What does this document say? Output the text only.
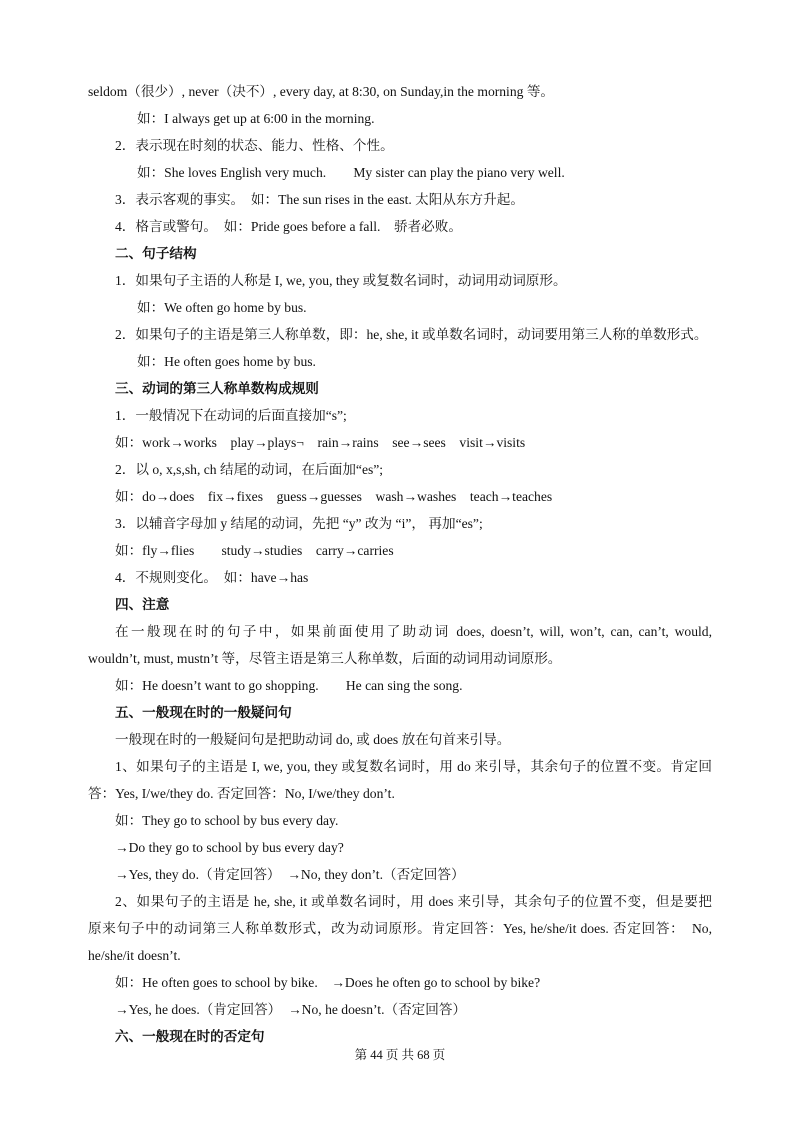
seldom（很少）, never（决不）, every day, at 8:30, on Sunday,in the morning 等。
如：I always get up at 6:00 in the morning.
2．表示现在时刻的状态、能力、性格、个性。
如：She loves English very much.　　My sister can play the piano very well.
3．表示客观的事实。　如：The sun rises in the east. 太阳从东方升起。
4．格言或警句。　如：Pride goes before a fall.　骄者必败。
二、句子结构
1．如果句子主语的人称是 I, we, you, they 或复数名词时，动词用动词原形。
如：We often go home by bus.
2．如果句子的主语是第三人称单数，即：he, she, it 或单数名词时，动词要用第三人称的单数形式。
如：He often goes home by bus.
三、动词的第三人称单数构成规则
1．一般情况下在动词的后面直接加“s”;
如：work→works　play→plays¬　rain→rains　see→sees　visit→visits
2．以 o, x,s,sh, ch 结尾的动词，在后面加“es”;
如：do→does　fix→fixes　guess→guesses　wash→washes　teach→teaches
3．以辅音字母加 y 结尾的动词，先把 “y” 改为 “i”， 再加“es”;
如：fly→flies　　study→studies　carry→carries
4．不规则变化。　如：have→has
四、注意
在一般现在时的句子中，如果前面使用了助动词 does, doesn’t, will, won’t, can, can’t, would,
wouldn’t, must, mustn’t 等，尽管主语是第三人称单数，后面的动词用动词原形。
如：He doesn’t want to go shopping.　　He can sing the song.
五、一般现在时的一般疑问句
一般现在时的一般疑问句是把助动词 do, 或 does 放在句首来引导。
1、如果句子的主语是 I, we, you, they 或复数名词时，用 do 来引导，其余句子的位置不变。肯定回
答：Yes, I/we/they do. 否定回答：No, I/we/they don’t.
如：They go to school by bus every day.
→Do they go to school by bus every day?
→Yes, they do.（肯定回答）　→No, they don’t.（否定回答）
2、如果句子的主语是 he, she, it 或单数名词时，用 does 来引导，其余句子的位置不变，但是要把
原来句子中的动词第三人称单数形式，改为动词原形。肯定回答：Yes, he/she/it does. 否定回答：　No,
he/she/it doesn’t.
如：He often goes to school by bike.　→Does he often go to school by bike?
→Yes, he does.（肯定回答）　→No, he doesn’t.（否定回答）
六、一般现在时的否定句
第 44 页 共 68 页
